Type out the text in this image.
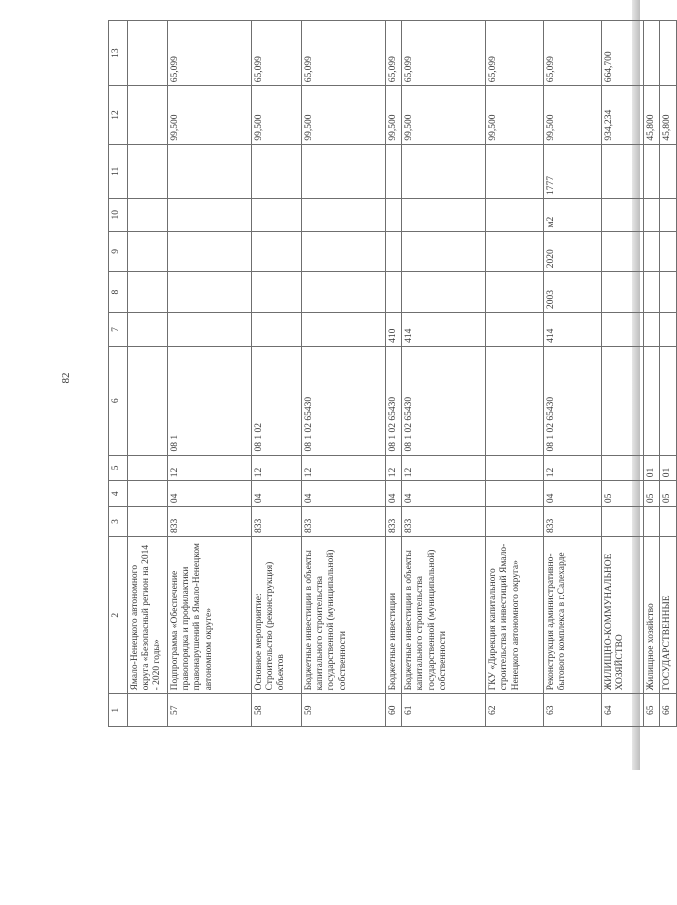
82
1	2	3	4	5	6	7	8	9	10	11	12	13
	Ямало-Ненецкого автономного округа «Безопасный регион на 2014 - 2020 годы»											
57	Подпрограмма «Обеспечение правопорядка и профилактики правонарушений в Ямало-Ненецком автономном округе»	833	04	12	08 1						99,500	65,099
58	Основное мероприятие: Строительство (реконструкция) объектов	833	04	12	08 1 02						99,500	65,099
59	Бюджетные инвестиции в объекты капитального строительства государственной (муниципальной) собственности	833	04	12	08 1 02 65430						99,500	65,099
60	Бюджетные инвестиции	833	04	12	08 1 02 65430	410					99,500	65,099
61	Бюджетные инвестиции в объекты капитального строительства государственной (муниципальной) собственности	833	04	12	08 1 02 65430	414					99,500	65,099
62	ГКУ «Дирекция капитального строительства и инвестиций Ямало-Ненецкого автономного округа»										99,500	65,099
63	Реконструкция административно-бытового комплекса в г.Салехарде	833	04	12	08 1 02 65430	414	2003	2020	м2	1777	99,500	65,099
64	ЖИЛИЩНО-КОММУНАЛЬНОЕ ХОЗЯЙСТВО		05								934,234	664,700
65	Жилищное хозяйство		05	01							45,800	
66	ГОСУДАРСТВЕННЫЕ		05	01							45,800	
